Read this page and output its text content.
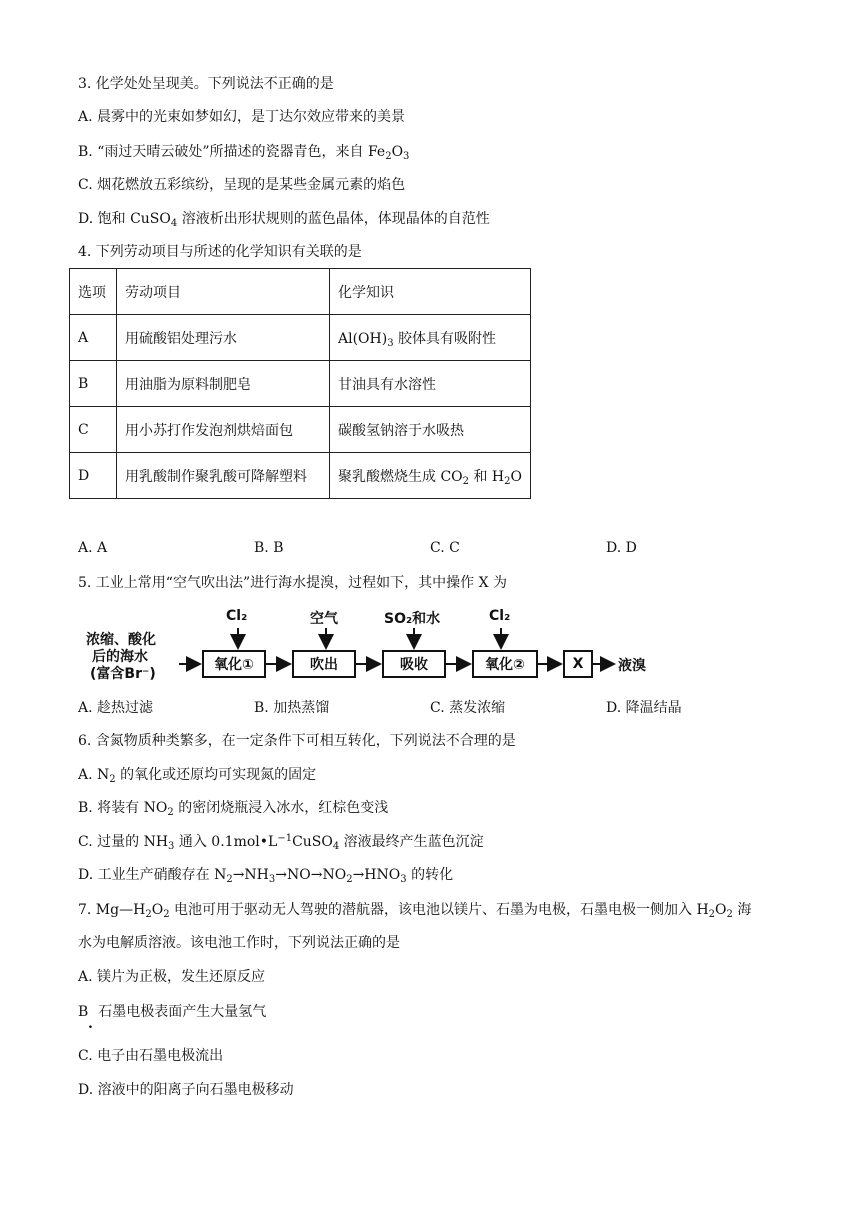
3. 化学处处呈现美。下列说法不正确的是
A. 晨雾中的光束如梦如幻，是丁达尔效应带来的美景
B. “雨过天晴云破处”所描述的瓷器青色，来自 $Fe_2O_3$
C. 烟花燃放五彩缤纷，呈现的是某些金属元素的焰色
D. 饱和 CuSO$_4$ 溶液析出形状规则的蓝色晶体，体现晶体的自范性
4. 下列劳动项目与所述的化学知识有关联的是
选项	劳动项目	化学知识
A	用硫酸铝处理污水	$Al(OH)_3$ 胶体具有吸附性
B	用油脂为原料制肥皂	甘油具有水溶性
C	用小苏打作发泡剂烘焙面包	碳酸氢钠溶于水吸热
D	用乳酸制作聚乳酸可降解塑料	聚乳酸燃烧生成 $CO_2$ 和 $H_2O$
A. A	B. B	C. C	D. D
5. 工业上常用“空气吹出法”进行海水提溴，过程如下，其中操作 X 为
浓缩、酸化
后的海水
(富含Br⁻)
氧化①	吹出	吸收	氧化②	X	液溴
Cl₂	空气	SO₂和水	Cl₂
A. 趁热过滤	B. 加热蒸馏	C. 蒸发浓缩	D. 降温结晶
6. 含氮物质种类繁多，在一定条件下可相互转化，下列说法不合理的是
A. $N_2$ 的氧化或还原均可实现氮的固定
B. 将装有 $NO_2$ 的密闭烧瓶浸入冰水，红棕色变浅
C. 过量的 $NH_3$ 通入 $0.1mol•L^{-1}CuSO_4$ 溶液最终产生蓝色沉淀
D. 工业生产硝酸存在 $N_2\to NH_3\to NO\to NO_2\to HNO_3$ 的转化
7. $Mg—H_2O_2$ 电池可用于驱动无人驾驶的潜航器，该电池以镁片、石墨为电极，石墨电极一侧加入 $H_2O_2$ 海
水为电解质溶液。该电池工作时，下列说法正确的是
A. 镁片为正极，发生还原反应
B 石墨电极表面产生大量氢气
.
C. 电子由石墨电极流出
D. 溶液中的阳离子向石墨电极移动
